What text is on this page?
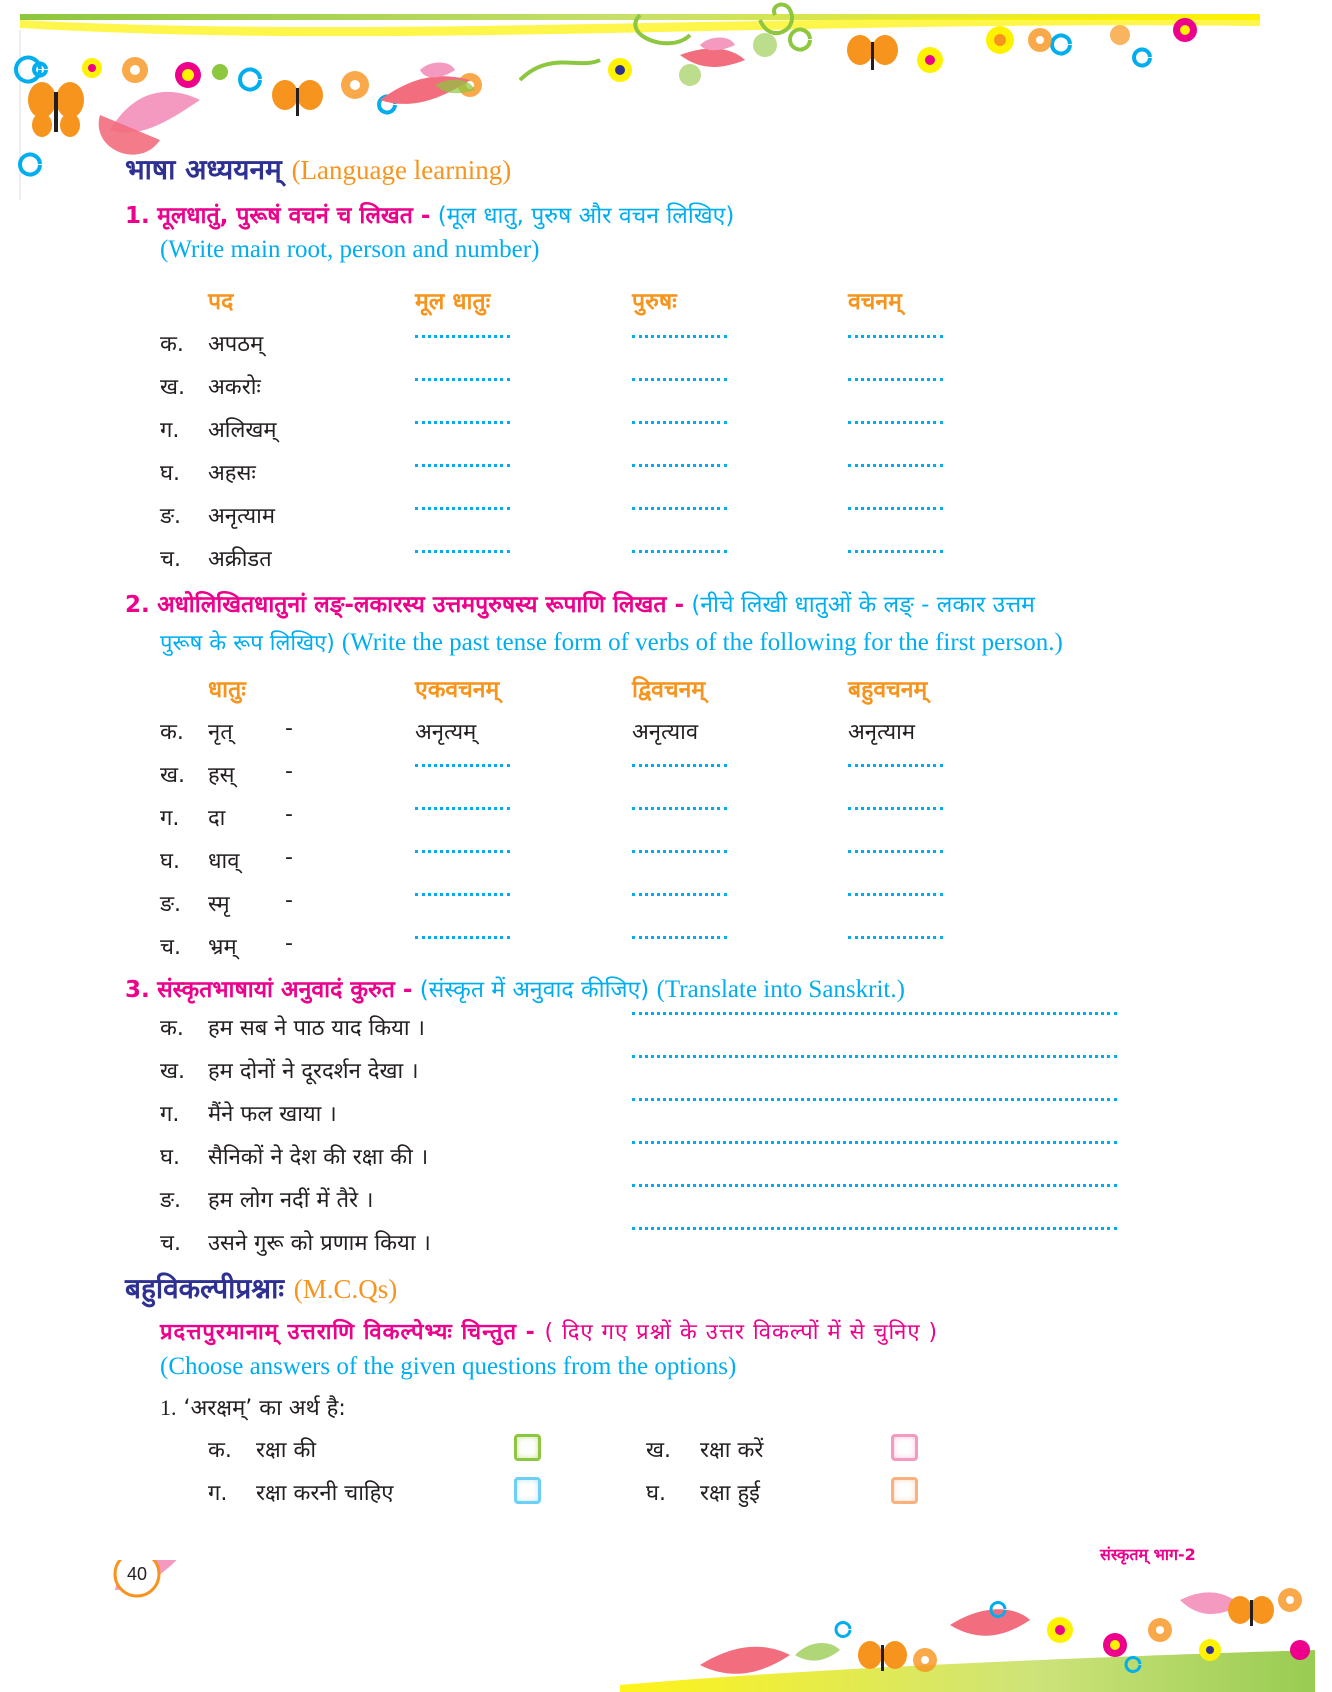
भाषा अध्ययनम् (Language learning)
1. मूलधातुं, पुरूषं वचनं च लिखत - (मूल धातु, पुरुष और वचन लिखिए)
(Write main root, person and number)
पद	मूल धातुः	पुरुषः	वचनम्
क. अपठम्
ख. अकरोः
ग. अलिखम्
घ. अहसः
ङ. अनृत्याम
च. अक्रीडत
2. अधोलिखितधातुनां लङ्-लकारस्य उत्तमपुरुषस्य रूपाणि लिखत - (नीचे लिखी धातुओं के लङ् - लकार उत्तम
पुरूष के रूप लिखिए) (Write the past tense form of verbs of the following for the first person.)
धातुः	एकवचनम्	द्विवचनम्	बहुवचनम्
क. नृत् -	अनृत्यम्	अनृत्याव	अनृत्याम
ख. हस् -
ग. दा	-
घ. धाव् -
ङ. स्मृ	-
च. भ्रम् -
3. संस्कृतभाषायां अनुवादं कुरुत - (संस्कृत में अनुवाद कीजिए) (Translate into Sanskrit.)
क. हम सब ने पाठ याद किया ।
ख. हम दोनों ने दूरदर्शन देखा ।
ग. मैंने फल खाया ।
घ. सैनिकों ने देश की रक्षा की ।
ङ. हम लोग नदीं में तैरे ।
च. उसने गुरू को प्रणाम किया ।
बहुविकल्पीप्रश्नाः (M.C.Qs)
प्रदत्तपुरमानाम् उत्तराणि विकल्पेभ्यः चिन्तुत - ( दिए गए प्रश्नों के उत्तर विकल्पों में से चुनिए )
(Choose answers of the given questions from the options)
1. ‘अरक्षम्’ का अर्थ है:
क. रक्षा की	ख. रक्षा करें
ग. रक्षा करनी चाहिए	घ. रक्षा हुई
संस्कृतम् भाग-2
40
